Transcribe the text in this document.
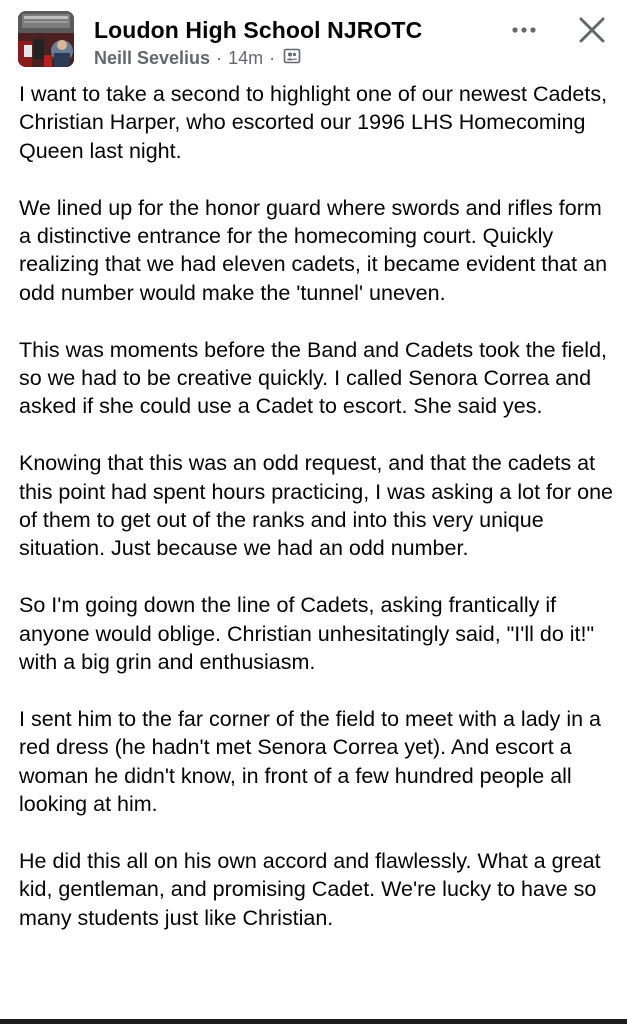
Loudon High School NJROTC
Neill Sevelius · 14m ·

I want to take a second to highlight one of our newest Cadets, Christian Harper, who escorted our 1996 LHS Homecoming Queen last night.

We lined up for the honor guard where swords and rifles form a distinctive entrance for the homecoming court. Quickly realizing that we had eleven cadets, it became evident that an odd number would make the 'tunnel' uneven.

This was moments before the Band and Cadets took the field, so we had to be creative quickly. I called Senora Correa and asked if she could use a Cadet to escort. She said yes.

Knowing that this was an odd request, and that the cadets at this point had spent hours practicing, I was asking a lot for one of them to get out of the ranks and into this very unique situation. Just because we had an odd number.

So I'm going down the line of Cadets, asking frantically if anyone would oblige. Christian unhesitatingly said, "I'll do it!" with a big grin and enthusiasm.

I sent him to the far corner of the field to meet with a lady in a red dress (he hadn't met Senora Correa yet). And escort a woman he didn't know, in front of a few hundred people all looking at him.

He did this all on his own accord and flawlessly. What a great kid, gentleman, and promising Cadet. We're lucky to have so many students just like Christian.
